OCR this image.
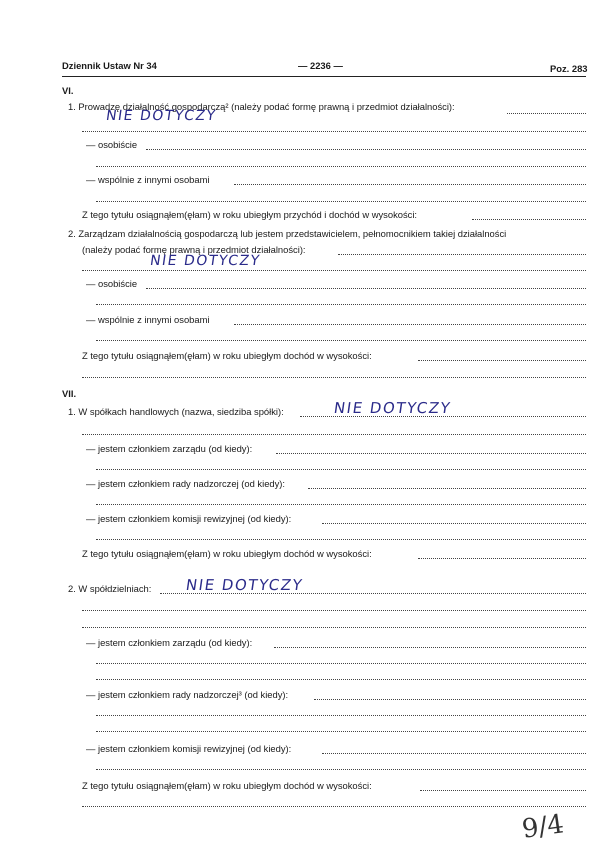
Dziennik Ustaw Nr 34	— 2236 —	Poz. 283
VI.
1. Prowadzę działalność gospodarczą² (należy podać formę prawną i przedmiot działalności):
NIE DOTYCZY
— osobiście
— wspólnie z innymi osobami
Z tego tytułu osiągnąłem(ęłam) w roku ubiegłym przychód i dochód w wysokości:
2. Zarządzam działalnością gospodarczą lub jestem przedstawicielem, pełnomocnikiem takiej działalności
(należy podać formę prawną i przedmiot działalności):
NIE DOTYCZY
— osobiście
— wspólnie z innymi osobami
Z tego tytułu osiągnąłem(ęłam) w roku ubiegłym dochód w wysokości:
VII.
1. W spółkach handlowych (nazwa, siedziba spółki):	NIE DOTYCZY
— jestem członkiem zarządu (od kiedy):
— jestem członkiem rady nadzorczej (od kiedy):
— jestem członkiem komisji rewizyjnej (od kiedy):
Z tego tytułu osiągnąłem(ęłam) w roku ubiegłym dochód w wysokości:
2. W spółdzielniach: NIE DOTYCZY
— jestem członkiem zarządu (od kiedy):
— jestem członkiem rady nadzorczej³ (od kiedy):
— jestem członkiem komisji rewizyjnej (od kiedy):
Z tego tytułu osiągnąłem(ęłam) w roku ubiegłym dochód w wysokości:
9/4
